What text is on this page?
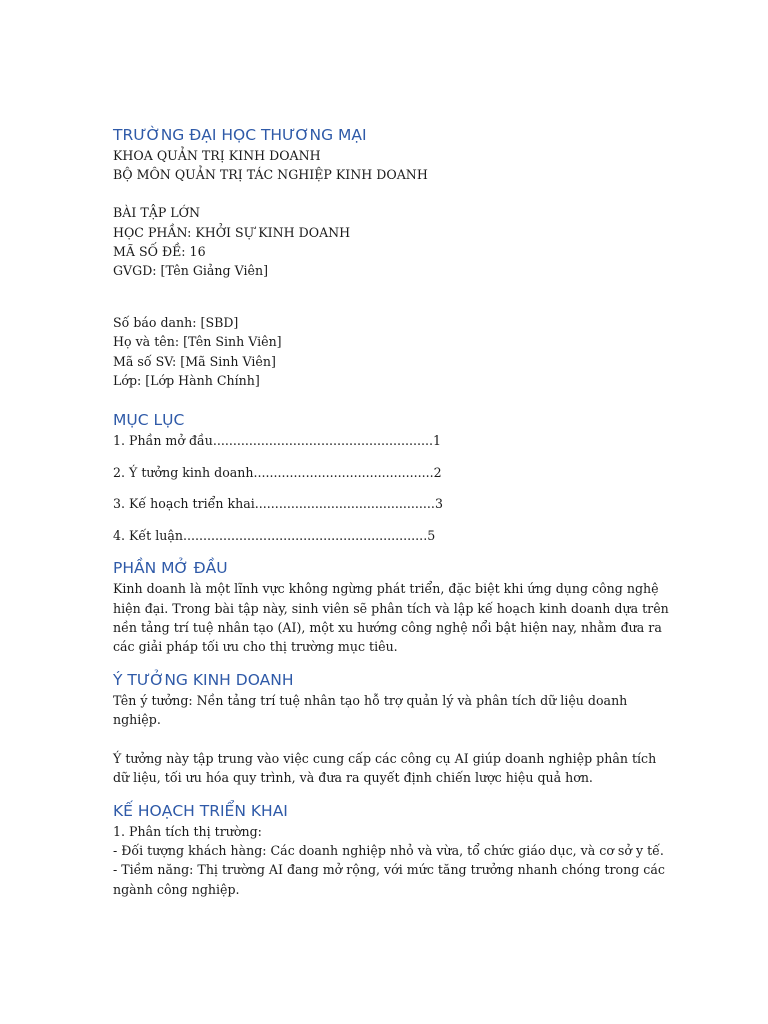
TRƯỜNG ĐẠI HỌC THƯƠNG MẠI

KHOA QUẢN TRỊ KINH DOANH

BỘ MÔN QUẢN TRỊ TÁC NGHIỆP KINH DOANH

BÀI TẬP LỚN

HỌC PHẦN: KHỞI SỰ KINH DOANH

MÃ SỐ ĐỀ: 16

GVGD: [Tên Giảng Viên]

Số báo danh: [SBD]

Họ và tên: [Tên Sinh Viên]

Mã số SV: [Mã Sinh Viên]

Lớp: [Lớp Hành Chính]

MỤC LỤC

1. Phần mở đầu.......................................................1

2. Ý tưởng kinh doanh.............................................2

3. Kế hoạch triển khai.............................................3

4. Kết luận.............................................................5

PHẦN MỞ ĐẦU

Kinh doanh là một lĩnh vực không ngừng phát triển, đặc biệt khi ứng dụng công nghệ hiện đại. Trong bài tập này, sinh viên sẽ phân tích và lập kế hoạch kinh doanh dựa trên nền tảng trí tuệ nhân tạo (AI), một xu hướng công nghệ nổi bật hiện nay, nhằm đưa ra các giải pháp tối ưu cho thị trường mục tiêu.

Ý TƯỞNG KINH DOANH

Tên ý tưởng: Nền tảng trí tuệ nhân tạo hỗ trợ quản lý và phân tích dữ liệu doanh nghiệp.

Ý tưởng này tập trung vào việc cung cấp các công cụ AI giúp doanh nghiệp phân tích dữ liệu, tối ưu hóa quy trình, và đưa ra quyết định chiến lược hiệu quả hơn.

KẾ HOẠCH TRIỂN KHAI

1. Phân tích thị trường:

- Đối tượng khách hàng: Các doanh nghiệp nhỏ và vừa, tổ chức giáo dục, và cơ sở y tế.

- Tiềm năng: Thị trường AI đang mở rộng, với mức tăng trưởng nhanh chóng trong các ngành công nghiệp.
